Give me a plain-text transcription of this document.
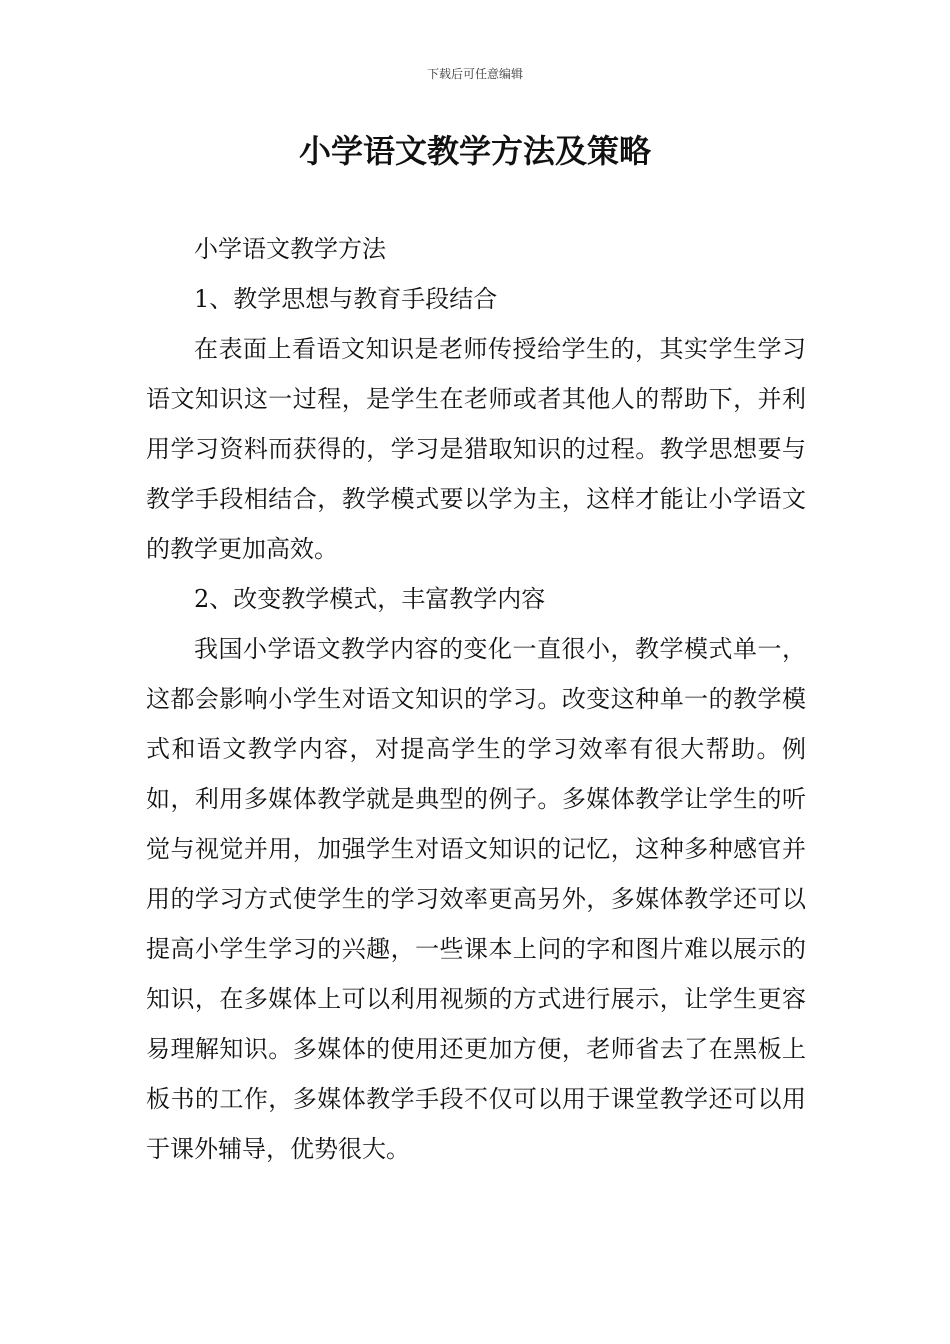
下载后可任意编辑
小学语文教学方法及策略

小学语文教学方法

1、教学思想与教育手段结合

在表面上看语文知识是老师传授给学生的，其实学生学习语文知识这一过程，是学生在老师或者其他人的帮助下，并利用学习资料而获得的，学习是猎取知识的过程。教学思想要与教学手段相结合，教学模式要以学为主，这样才能让小学语文的教学更加高效。

2、改变教学模式，丰富教学内容

我国小学语文教学内容的变化一直很小，教学模式单一，这都会影响小学生对语文知识的学习。改变这种单一的教学模式和语文教学内容，对提高学生的学习效率有很大帮助。例如，利用多媒体教学就是典型的例子。多媒体教学让学生的听觉与视觉并用，加强学生对语文知识的记忆，这种多种感官并用的学习方式使学生的学习效率更高另外，多媒体教学还可以提高小学生学习的兴趣，一些课本上问的字和图片难以展示的知识，在多媒体上可以利用视频的方式进行展示，让学生更容易理解知识。多媒体的使用还更加方便，老师省去了在黑板上板书的工作，多媒体教学手段不仅可以用于课堂教学还可以用于课外辅导，优势很大。
